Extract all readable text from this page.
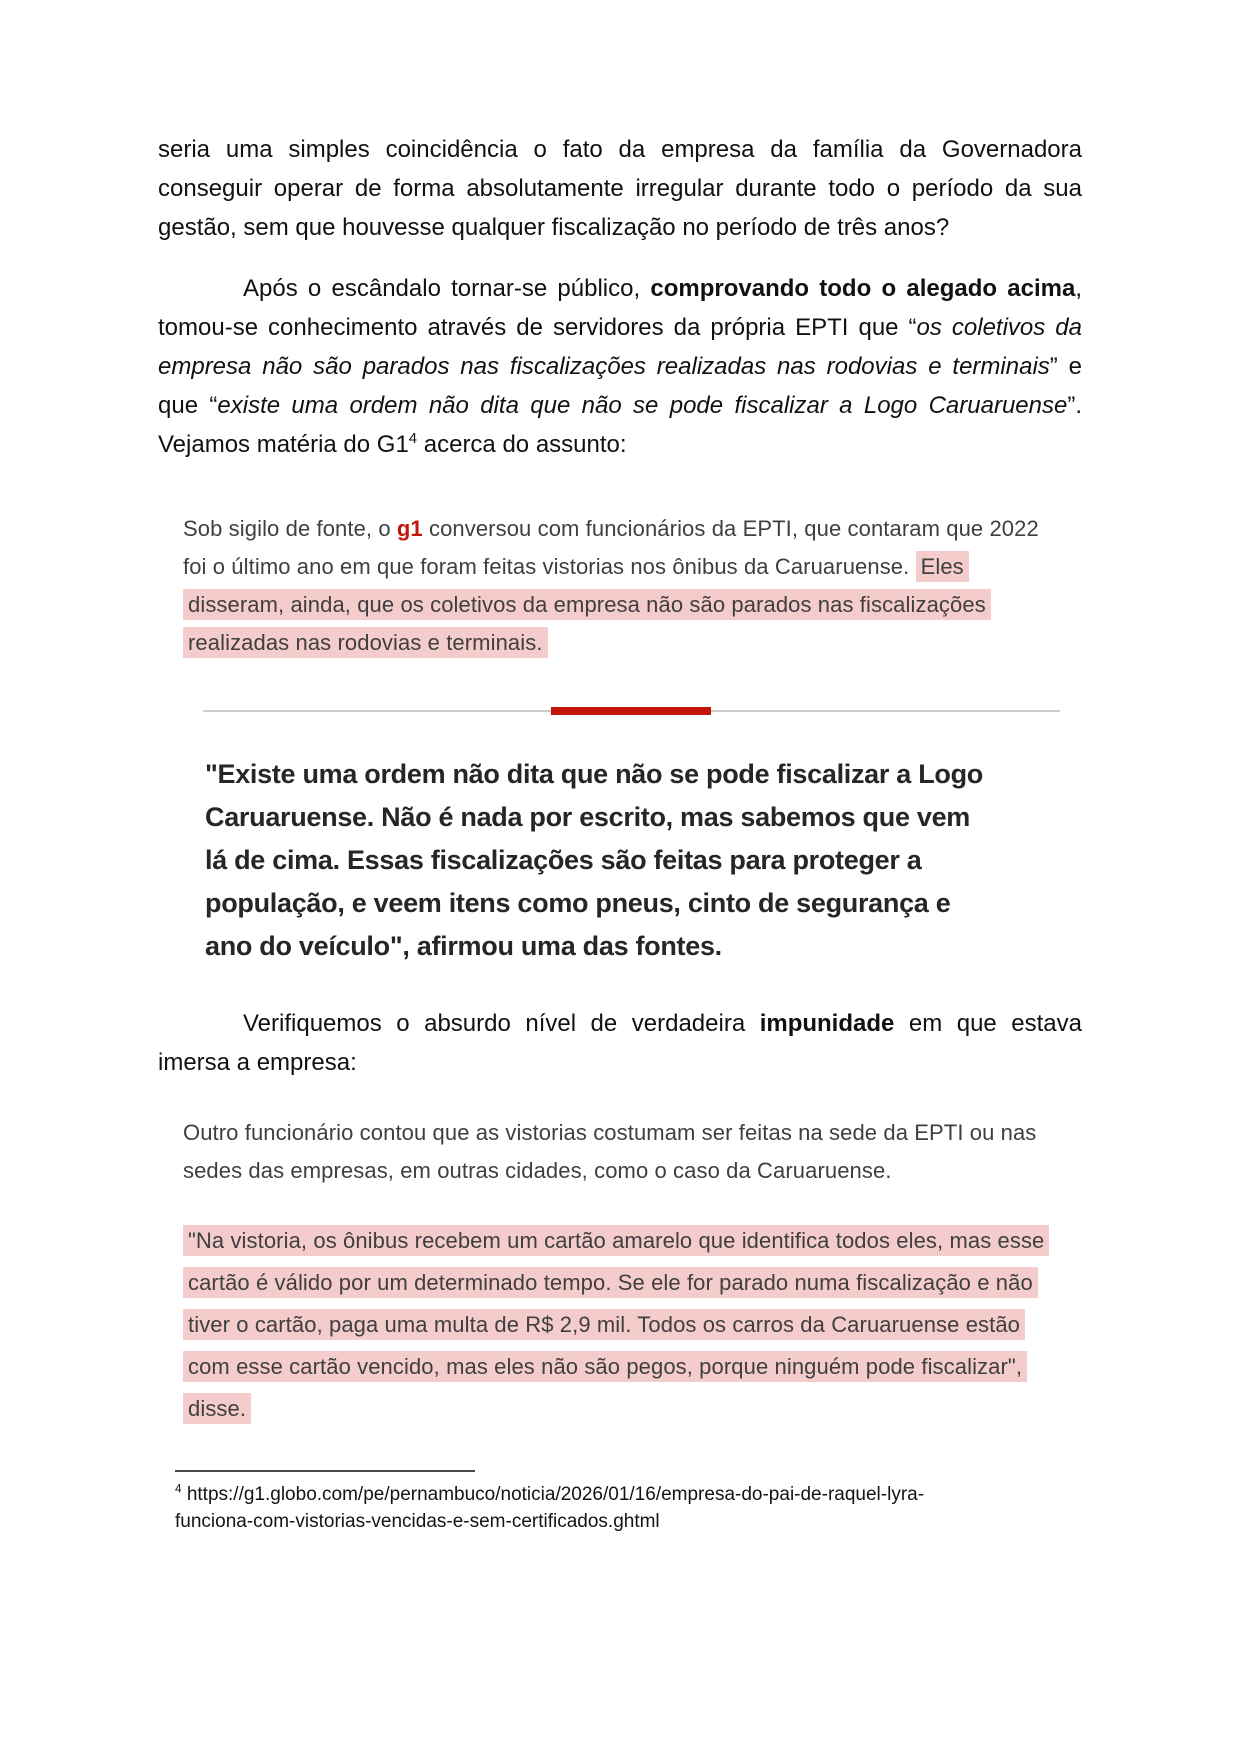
seria uma simples coincidência o fato da empresa da família da Governadora conseguir operar de forma absolutamente irregular durante todo o período da sua gestão, sem que houvesse qualquer fiscalização no período de três anos?

Após o escândalo tornar-se público, comprovando todo o alegado acima, tomou-se conhecimento através de servidores da própria EPTI que “os coletivos da empresa não são parados nas fiscalizações realizadas nas rodovias e terminais” e que “existe uma ordem não dita que não se pode fiscalizar a Logo Caruaruense”. Vejamos matéria do $G1^4$ acerca do assunto:

Sob sigilo de fonte, o g1 conversou com funcionários da EPTI, que contaram que 2022 foi o último ano em que foram feitas vistorias nos ônibus da Caruaruense. Eles disseram, ainda, que os coletivos da empresa não são parados nas fiscalizações realizadas nas rodovias e terminais.
"Existe uma ordem não dita que não se pode fiscalizar a Logo Caruaruense. Não é nada por escrito, mas sabemos que vem lá de cima. Essas fiscalizações são feitas para proteger a população, e veem itens como pneus, cinto de segurança e ano do veículo", afirmou uma das fontes.

Verifiquemos o absurdo nível de verdadeira impunidade em que estava imersa a empresa:

Outro funcionário contou que as vistorias costumam ser feitas na sede da EPTI ou nas sedes das empresas, em outras cidades, como o caso da Caruaruense.
"Na vistoria, os ônibus recebem um cartão amarelo que identifica todos eles, mas esse cartão é válido por um determinado tempo. Se ele for parado numa fiscalização e não tiver o cartão, paga uma multa de R$ 2,9 mil. Todos os carros da Caruaruense estão com esse cartão vencido, mas eles não são pegos, porque ninguém pode fiscalizar", disse.

$^4$ https://g1.globo.com/pe/pernambuco/noticia/2026/01/16/empresa-do-pai-de-raquel-lyra-funciona-com-vistorias-vencidas-e-sem-certificados.ghtml
